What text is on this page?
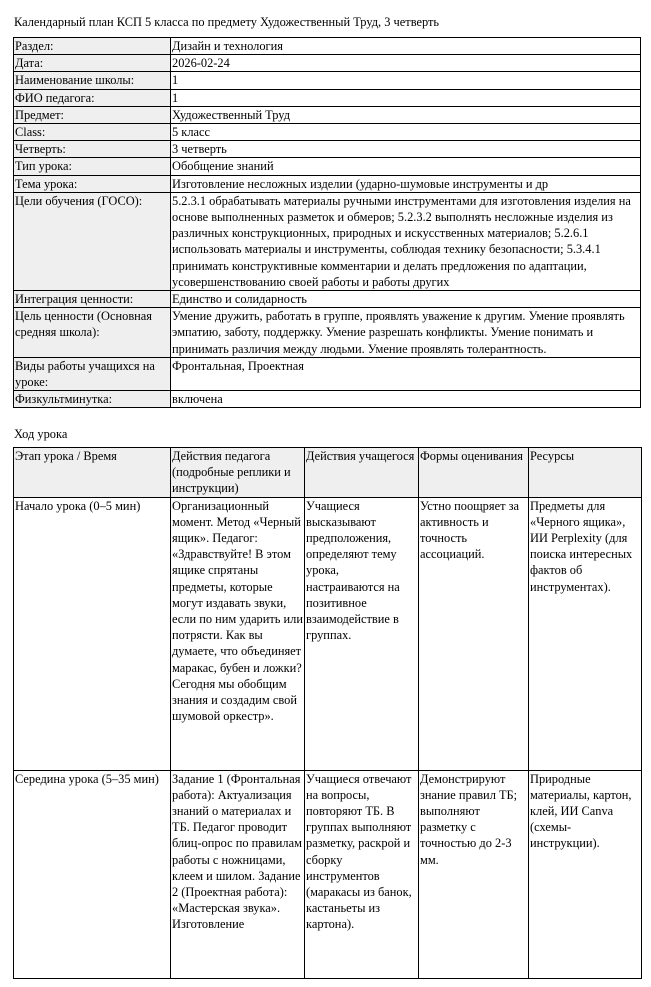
Календарный план КСП 5 класса по предмету Художественный Труд, 3 четверть
Раздел:	Дизайн и технология
Дата:	2026-02-24
Наименование школы:	1
ФИО педагога:	1
Предмет:	Художественный Труд
Class:	5 класс
Четверть:	3 четверть
Тип урока:	Обобщение знаний
Тема урока:	Изготовление несложных изделии (ударно-шумовые инструменты и др
Цели обучения (ГОСО):	5.2.3.1 обрабатывать материалы ручными инструментами для изготовления изделия на основе выполненных разметок и обмеров; 5.2.3.2 выполнять несложные изделия из различных конструкционных, природных и искусственных материалов; 5.2.6.1 использовать материалы и инструменты, соблюдая технику безопасности; 5.3.4.1 принимать конструктивные комментарии и делать предложения по адаптации, усовершенствованию своей работы и работы других
Интеграция ценности:	Единство и солидарность
Цель ценности (Основная средняя школа):	Умение дружить, работать в группе, проявлять уважение к другим. Умение проявлять эмпатию, заботу, поддержку. Умение разрешать конфликты. Умение понимать и принимать различия между людьми. Умение проявлять толерантность.
Виды работы учащихся на уроке:	Фронтальная, Проектная
Физкультминутка:	включена
Ход урока
Этап урока / Время	Действия педагога (подробные реплики и инструкции)	Действия учащегося	Формы оценивания	Ресурсы
Начало урока (0–5 мин)	Организационный момент. Метод «Черный ящик». Педагог: «Здравствуйте! В этом ящике спрятаны предметы, которые могут издавать звуки, если по ним ударить или потрясти. Как вы думаете, что объединяет маракас, бубен и ложки? Сегодня мы обобщим знания и создадим свой шумовой оркестр».	Учащиеся высказывают предположения, определяют тему урока, настраиваются на позитивное взаимодействие в группах.	Устно поощряет за активность и точность ассоциаций.	Предметы для «Черного ящика», ИИ Perplexity (для поиска интересных фактов об инструментах).

Середина урока (5–35 мин)	Задание 1 (Фронтальная работа): Актуализация знаний о материалах и ТБ. Педагог проводит блиц-опрос по правилам работы с ножницами, клеем и шилом. Задание 2 (Проектная работа): «Мастерская звука». Изготовление	Учащиеся отвечают на вопросы, повторяют ТБ. В группах выполняют разметку, раскрой и сборку инструментов (маракасы из банок, кастаньеты из картона).	Демонстрируют знание правил ТБ; выполняют разметку с точностью до 2-3 мм.	Природные материалы, картон, клей, ИИ Canva (схемы-инструкции).
